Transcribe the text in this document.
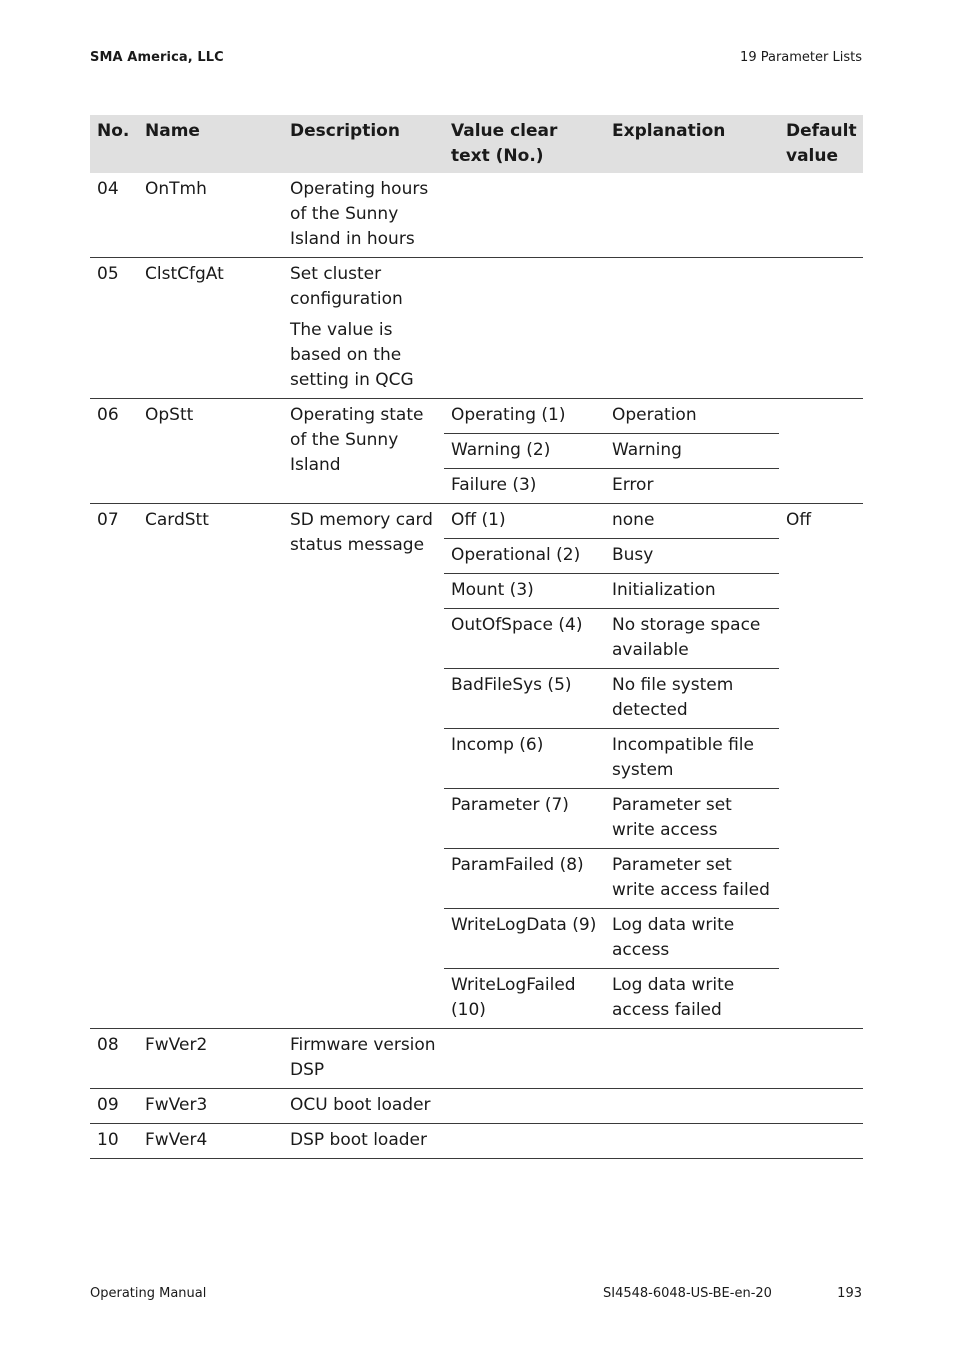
SMA America, LLC	19 Parameter Lists
No.	Name	Description	Value clear text (No.)	Explanation	Default value
04	OnTmh	Operating hours of the Sunny Island in hours			

05	ClstCfgAt	Set cluster configuration
The value is based on the setting in QCG			

06	OpStt	Operating state of the Sunny Island	Operating (1)	Operation	
			Warning (2)	Warning	
			Failure (3)	Error	
07	CardStt	SD memory card status message	Off (1)	none	Off
			Operational (2)	Busy	
			Mount (3)	Initialization	
			OutOfSpace (4)	No storage space available	
			BadFileSys (5)	No file system detected	
			Incomp (6)	Incompatible file system	
			Parameter (7)	Parameter set write access	
			ParamFailed (8)	Parameter set write access failed	
			WriteLogData (9)	Log data write access	
			WriteLogFailed (10)	Log data write access failed	
08	FwVer2	Firmware version DSP			

09	FwVer3	OCU boot loader			

10	FwVer4	DSP boot loader			

Operating Manual	SI4548-6048-US-BE-en-20	193
